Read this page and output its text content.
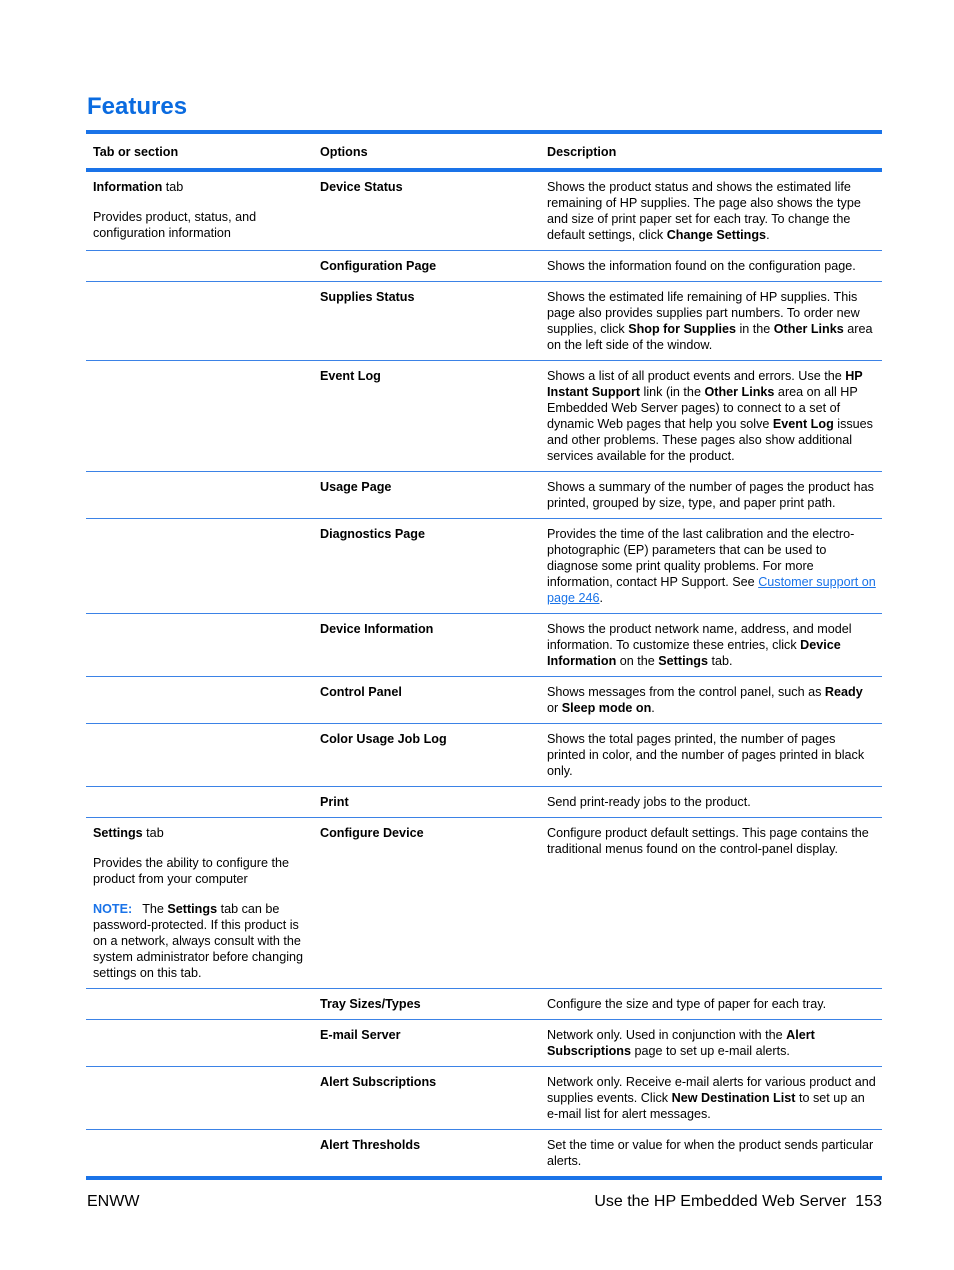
Features
Tab or section	Options	Description
Information tab
Provides product, status, and configuration information	Device Status	Shows the product status and shows the estimated life remaining of HP supplies. The page also shows the type and size of print paper set for each tray. To change the default settings, click Change Settings.
	Configuration Page	Shows the information found on the configuration page.
	Supplies Status	Shows the estimated life remaining of HP supplies. This page also provides supplies part numbers. To order new supplies, click Shop for Supplies in the Other Links area on the left side of the window.
	Event Log	Shows a list of all product events and errors. Use the HP Instant Support link (in the Other Links area on all HP Embedded Web Server pages) to connect to a set of dynamic Web pages that help you solve Event Log issues and other problems. These pages also show additional services available for the product.
	Usage Page	Shows a summary of the number of pages the product has printed, grouped by size, type, and paper print path.
	Diagnostics Page	Provides the time of the last calibration and the electro-photographic (EP) parameters that can be used to diagnose some print quality problems. For more information, contact HP Support. See Customer support on page 246.
	Device Information	Shows the product network name, address, and model information. To customize these entries, click Device Information on the Settings tab.
	Control Panel	Shows messages from the control panel, such as Ready or Sleep mode on.
	Color Usage Job Log	Shows the total pages printed, the number of pages printed in color, and the number of pages printed in black only.
	Print	Send print-ready jobs to the product.
Settings tab
Provides the ability to configure the product from your computer
NOTE: The Settings tab can be password-protected. If this product is on a network, always consult with the system administrator before changing settings on this tab.	Configure Device	Configure product default settings. This page contains the traditional menus found on the control-panel display.
	Tray Sizes/Types	Configure the size and type of paper for each tray.
	E-mail Server	Network only. Used in conjunction with the Alert Subscriptions page to set up e-mail alerts.
	Alert Subscriptions	Network only. Receive e-mail alerts for various product and supplies events. Click New Destination List to set up an e-mail list for alert messages.
	Alert Thresholds	Set the time or value for when the product sends particular alerts.
ENWW	Use the HP Embedded Web Server 153
